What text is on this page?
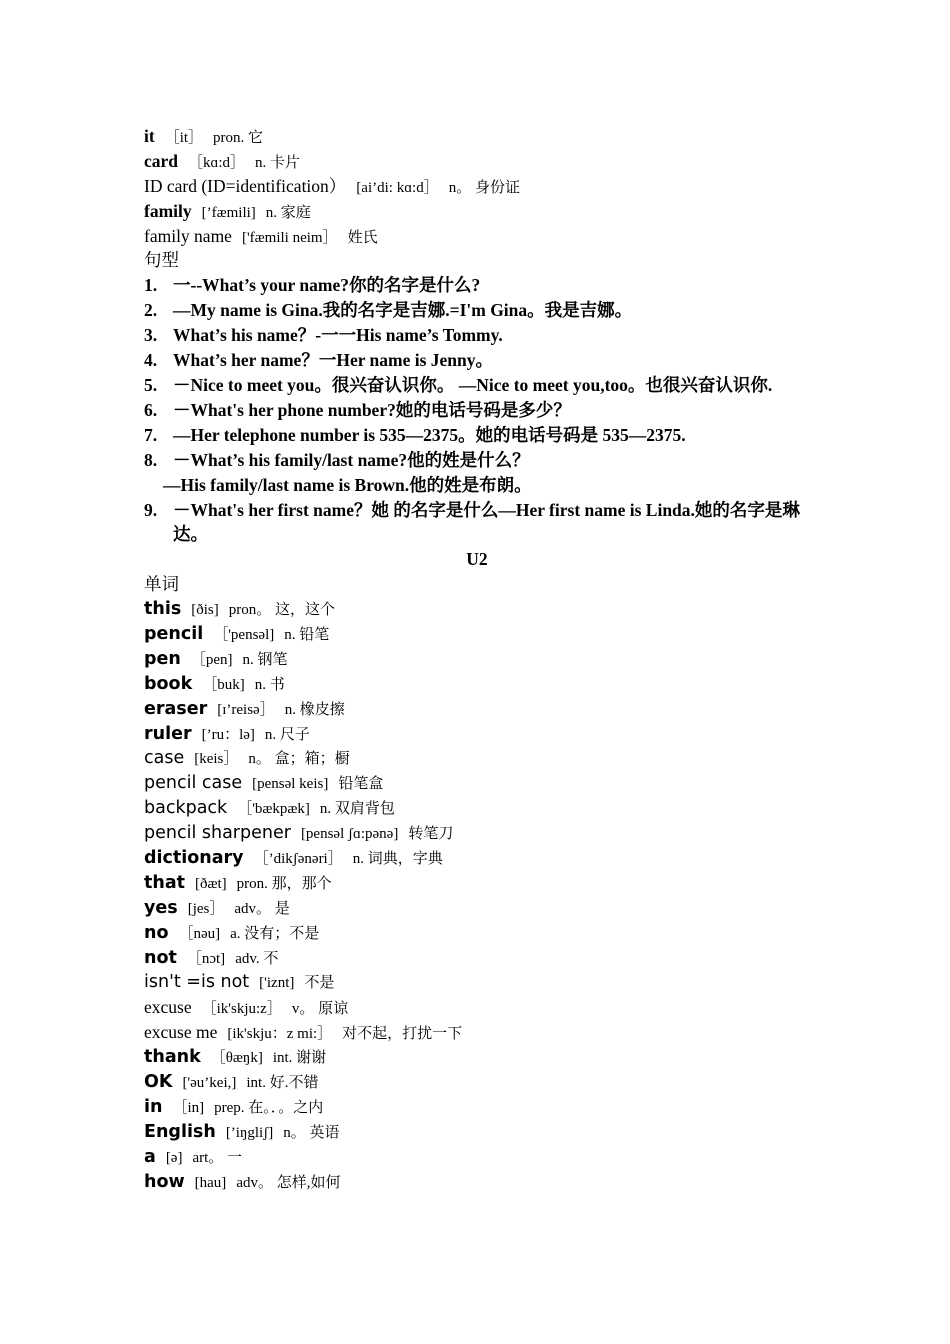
it ［it］ pron. 它
card ［kɑ:d］ n. 卡片
ID card (ID=identification） [ai’di: kɑ:d］ n。 身份证
family [’fæmili] n. 家庭
family name ['fæmili neim］ 姓氏
句型
1. 一--What’s your name?你的名字是什么?
2. —My name is Gina.我的名字是吉娜.=I'm Gina。我是吉娜。
3. What’s his name？-一一His name’s Tommy.
4. What’s her name？一Her name is Jenny。
5. －Nice to meet you。很兴奋认识你。 —Nice to meet you,too。也很兴奋认识你.
6. －What's her phone number?她的电话号码是多少？
7. —Her telephone number is 535—2375。她的电话号码是 535—2375.
8. －What’s his family/last name?他的姓是什么？
—His family/last name is Brown.他的姓是布朗。
9. －What's her first name？她 的名字是什么—Her first name is Linda.她的名字是琳达。
U2
单词
this [ðis] pron。 这，这个
pencil ［'pensəl] n. 铅笔
pen ［pen] n. 钢笔
book ［buk] n. 书
eraser [ɪ’reisə］ n. 橡皮擦
ruler [’ru：lə] n. 尺子
case [keis］ n。 盒；箱；橱
pencil case [pensəl keis] 铅笔盒
backpack ［'bækpæk] n. 双肩背包
pencil sharpener [pensəl ʃɑ:pənə] 转笔刀
dictionary ［’dikʃənəri］ n. 词典，字典
that [ðæt] pron. 那，那个
yes [jes］ adv。 是
no ［nəu] a. 没有；不是
not ［nɔt] adv. 不
isn't =is not ['iznt] 不是
excuse ［ik'skju:z］ v。 原谅
excuse me [ik'skju：z mi:］ 对不起，打扰一下
thank ［θæŋk] int. 谢谢
OK ['əu’kei,] int. 好.不错
in ［in] prep. 在。．。之内
English [’iŋgliʃ] n。 英语
a [ə] art。 一
how [hau] adv。 怎样,如何
